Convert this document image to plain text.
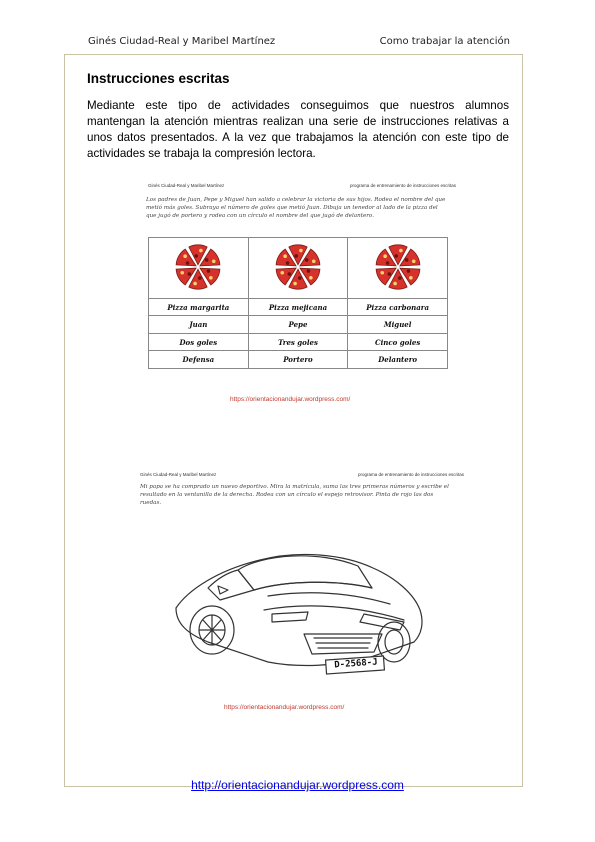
Ginés Ciudad-Real y Maribel Martínez	Como trabajar la atención
Instrucciones escritas
Mediante este tipo de actividades conseguimos que nuestros alumnos mantengan la atención mientras realizan una serie de instrucciones relativas a unos datos presentados. A la vez que trabajamos la atención con este tipo de actividades se trabaja la compresión lectora.
Ginés Ciudad-Real y Maribel Martínez	programa de entrenamiento de instrucciones escritas
Los padres de Juan, Pepe y Miguel han salido a celebrar la victoria de sus hijos. Rodea el nombre del que metió más goles. Subraya el número de goles que metió Juan. Dibuja un tenedor al lado de la pizza del que jugó de portero y rodea con un círculo el nombre del que jugó de delantero.

Pizza margarita	Pizza mejicana	Pizza carbonara
Juan	Pepe	Miguel
Dos goles	Tres goles	Cinco goles
Defensa	Portero	Delantero
https://orientacionandujar.wordpress.com/
Ginés Ciudad-Real y Maribel Martínez	programa de entrenamiento de instrucciones escritas
Mi papa se ha comprado un nuevo deportivo. Mira la matrícula, suma las tres primeras números y escribe el resultado en la ventanilla de la derecha. Rodea con un círculo el espejo retrovisor. Pinta de rojo las dos ruedas.
D-2568-J
https://orientacionandujar.wordpress.com/
http://orientacionandujar.wordpress.com
